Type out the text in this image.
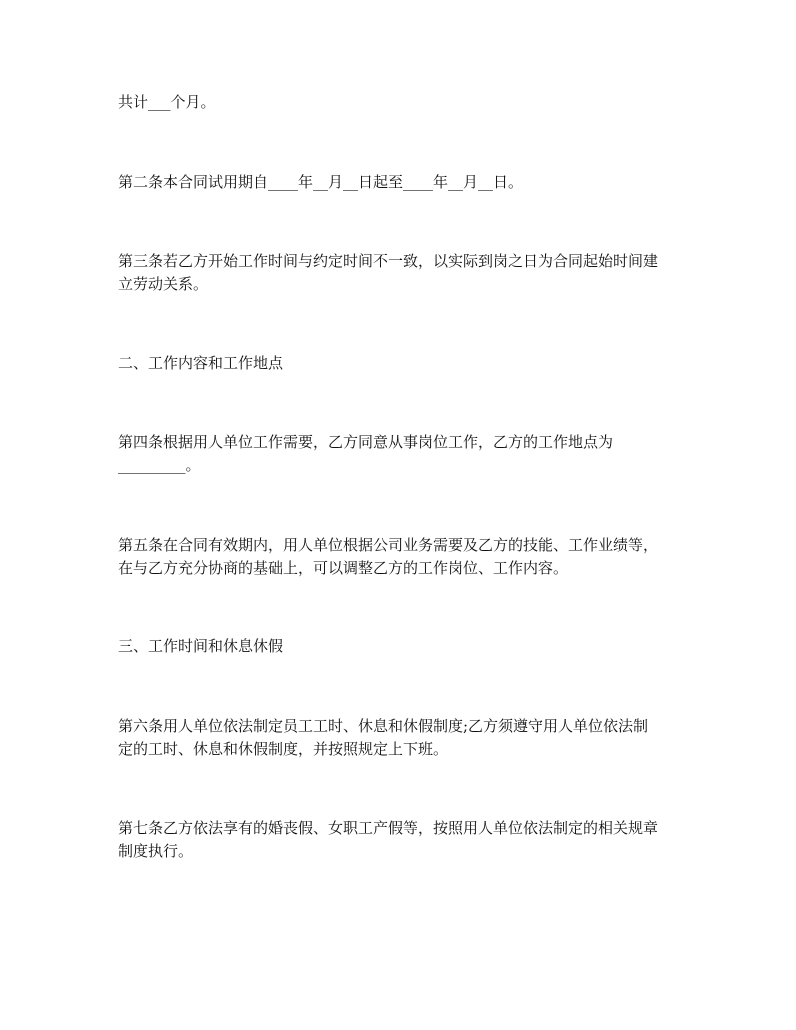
共计___个月。

第二条本合同试用期自____年__月__日起至____年__月__日。

第三条若乙方开始工作时间与约定时间不一致，以实际到岗之日为合同起始时间建

立劳动关系。

二、工作内容和工作地点

第四条根据用人单位工作需要，乙方同意从事岗位工作，乙方的工作地点为

_________。

第五条在合同有效期内，用人单位根据公司业务需要及乙方的技能、工作业绩等，

在与乙方充分协商的基础上，可以调整乙方的工作岗位、工作内容。

三、工作时间和休息休假

第六条用人单位依法制定员工工时、休息和休假制度;乙方须遵守用人单位依法制

定的工时、休息和休假制度，并按照规定上下班。

第七条乙方依法享有的婚丧假、女职工产假等，按照用人单位依法制定的相关规章

制度执行。
